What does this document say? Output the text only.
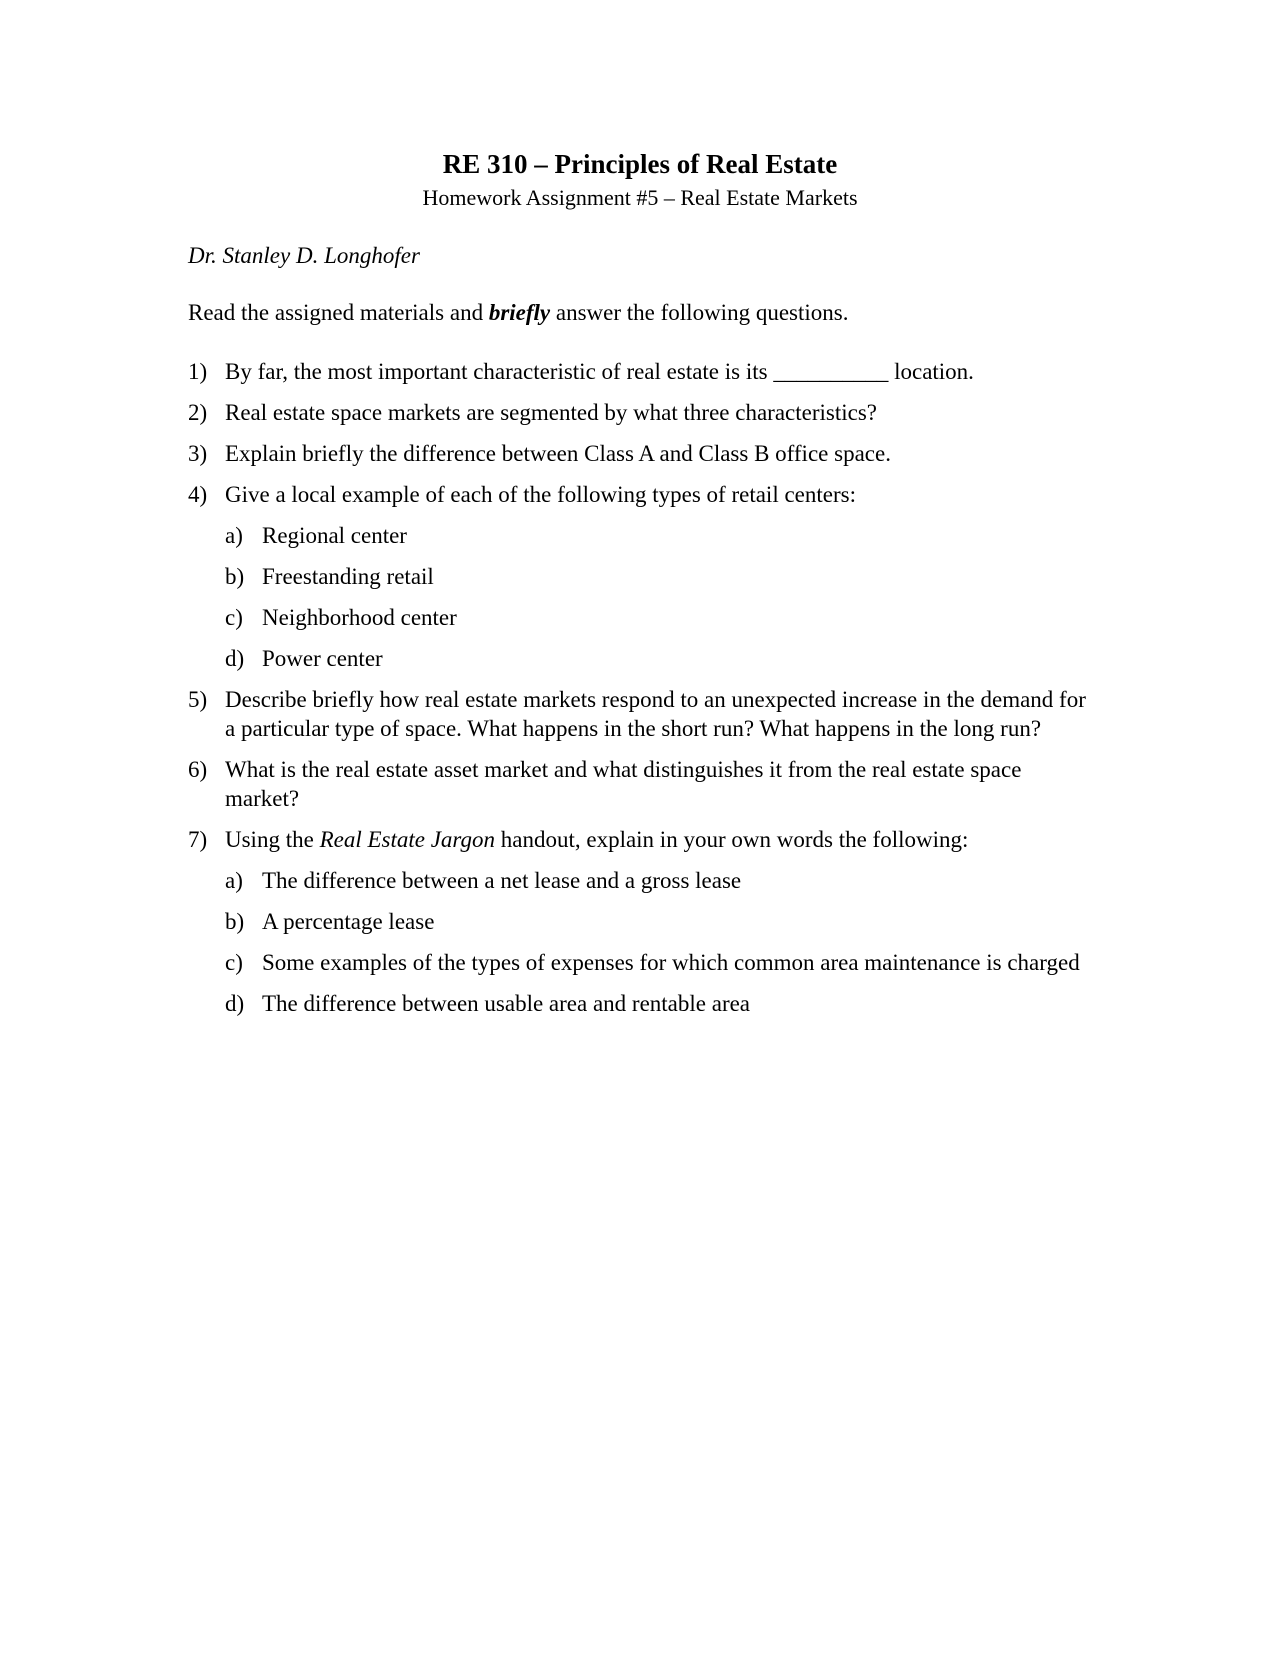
RE 310 – Principles of Real Estate
Homework Assignment #5 – Real Estate Markets
Dr. Stanley D. Longhofer
Read the assigned materials and briefly answer the following questions.
1) By far, the most important characteristic of real estate is its __________ location.
2) Real estate space markets are segmented by what three characteristics?
3) Explain briefly the difference between Class A and Class B office space.
4) Give a local example of each of the following types of retail centers:
a) Regional center
b) Freestanding retail
c) Neighborhood center
d) Power center
5) Describe briefly how real estate markets respond to an unexpected increase in the demand for a particular type of space. What happens in the short run? What happens in the long run?
6) What is the real estate asset market and what distinguishes it from the real estate space market?
7) Using the Real Estate Jargon handout, explain in your own words the following:
a) The difference between a net lease and a gross lease
b) A percentage lease
c) Some examples of the types of expenses for which common area maintenance is charged
d) The difference between usable area and rentable area
